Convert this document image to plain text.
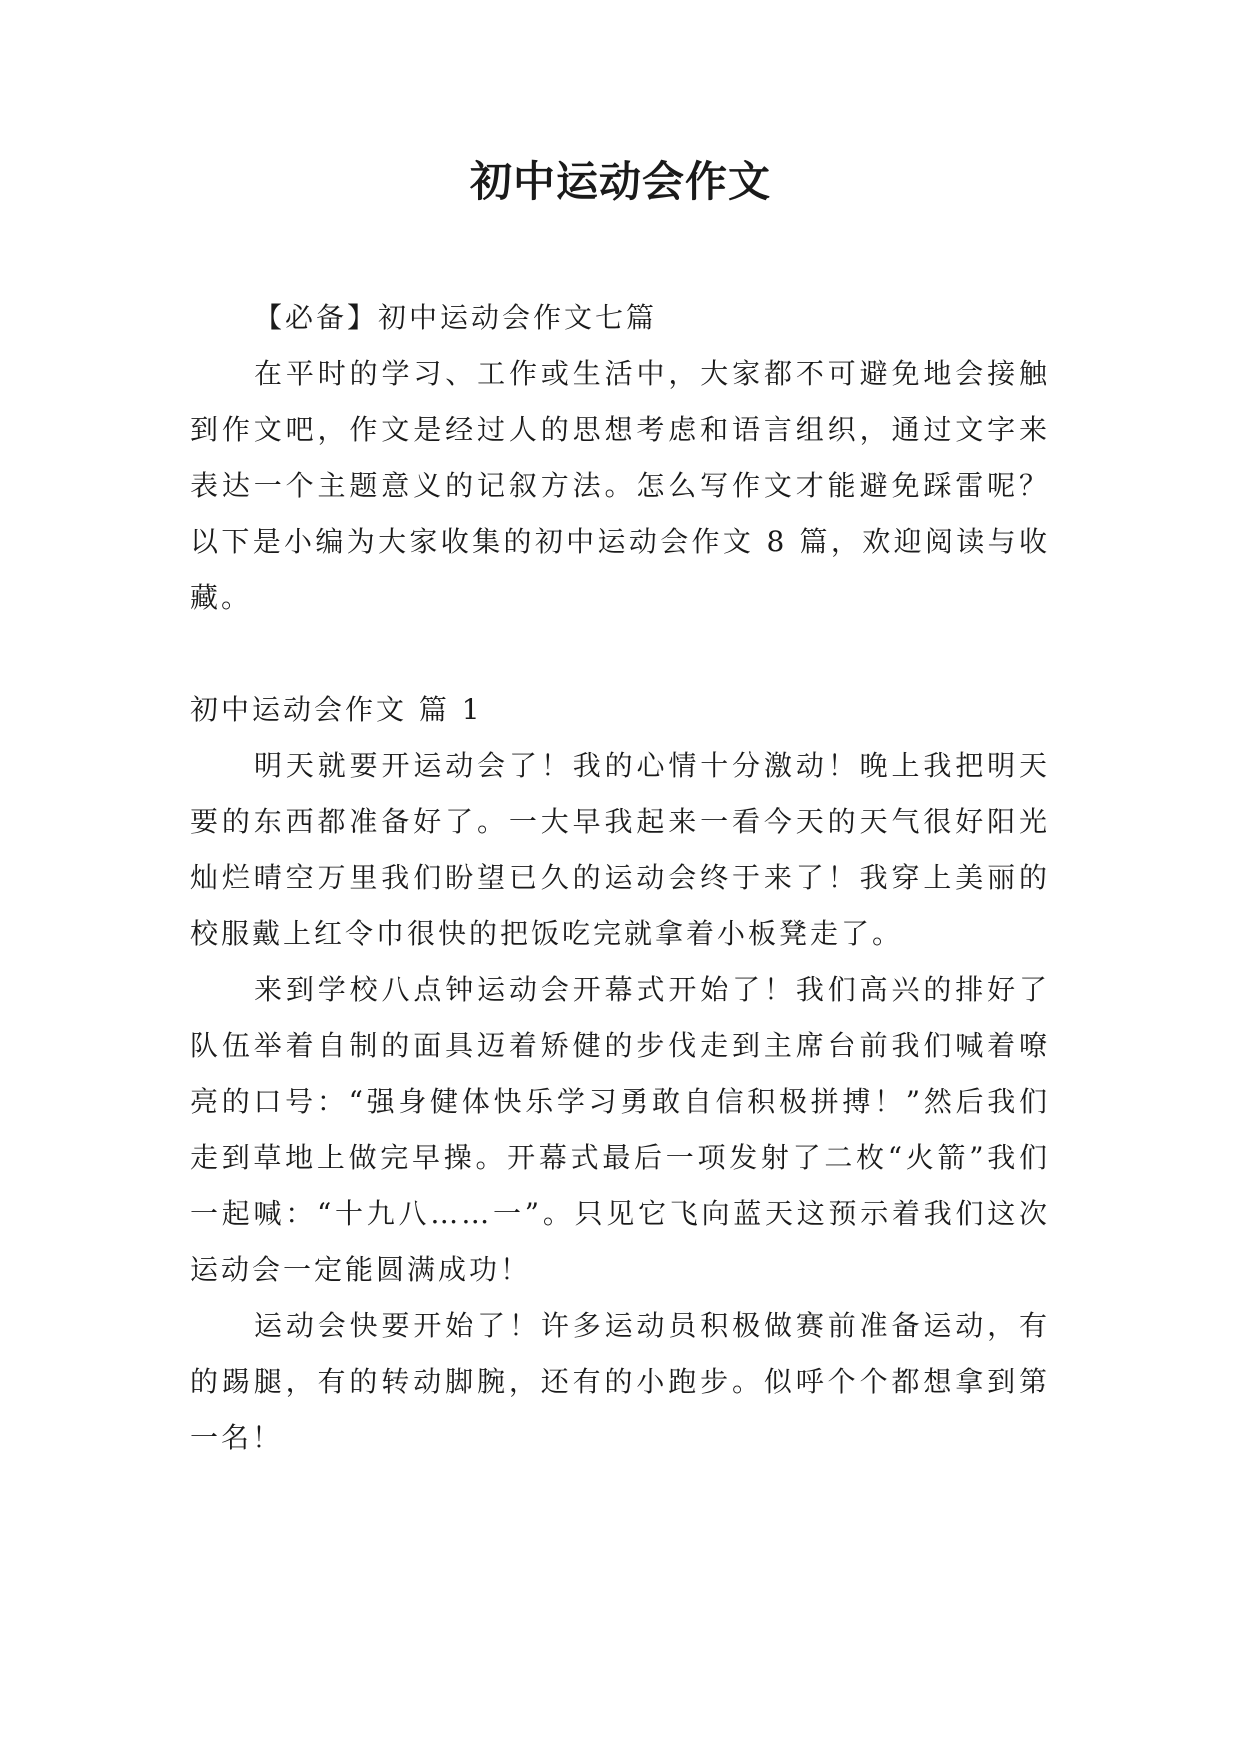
初中运动会作文

【必备】初中运动会作文七篇

在平时的学习、工作或生活中，大家都不可避免地会接触到作文吧，作文是经过人的思想考虑和语言组织，通过文字来表达一个主题意义的记叙方法。怎么写作文才能避免踩雷呢？以下是小编为大家收集的初中运动会作文 8 篇，欢迎阅读与收藏。

初中运动会作文 篇 1

明天就要开运动会了！我的心情十分激动！晚上我把明天要的东西都准备好了。一大早我起来一看今天的天气很好阳光灿烂晴空万里我们盼望已久的运动会终于来了！我穿上美丽的校服戴上红令巾很快的把饭吃完就拿着小板凳走了。

来到学校八点钟运动会开幕式开始了！我们高兴的排好了队伍举着自制的面具迈着矫健的步伐走到主席台前我们喊着嘹亮的口号：“强身健体快乐学习勇敢自信积极拼搏！”然后我们走到草地上做完早操。开幕式最后一项发射了二枚“火箭”我们一起喊：“十九八……一”。只见它飞向蓝天这预示着我们这次运动会一定能圆满成功！

运动会快要开始了！许多运动员积极做赛前准备运动，有的踢腿，有的转动脚腕，还有的小跑步。似呼个个都想拿到第一名！
